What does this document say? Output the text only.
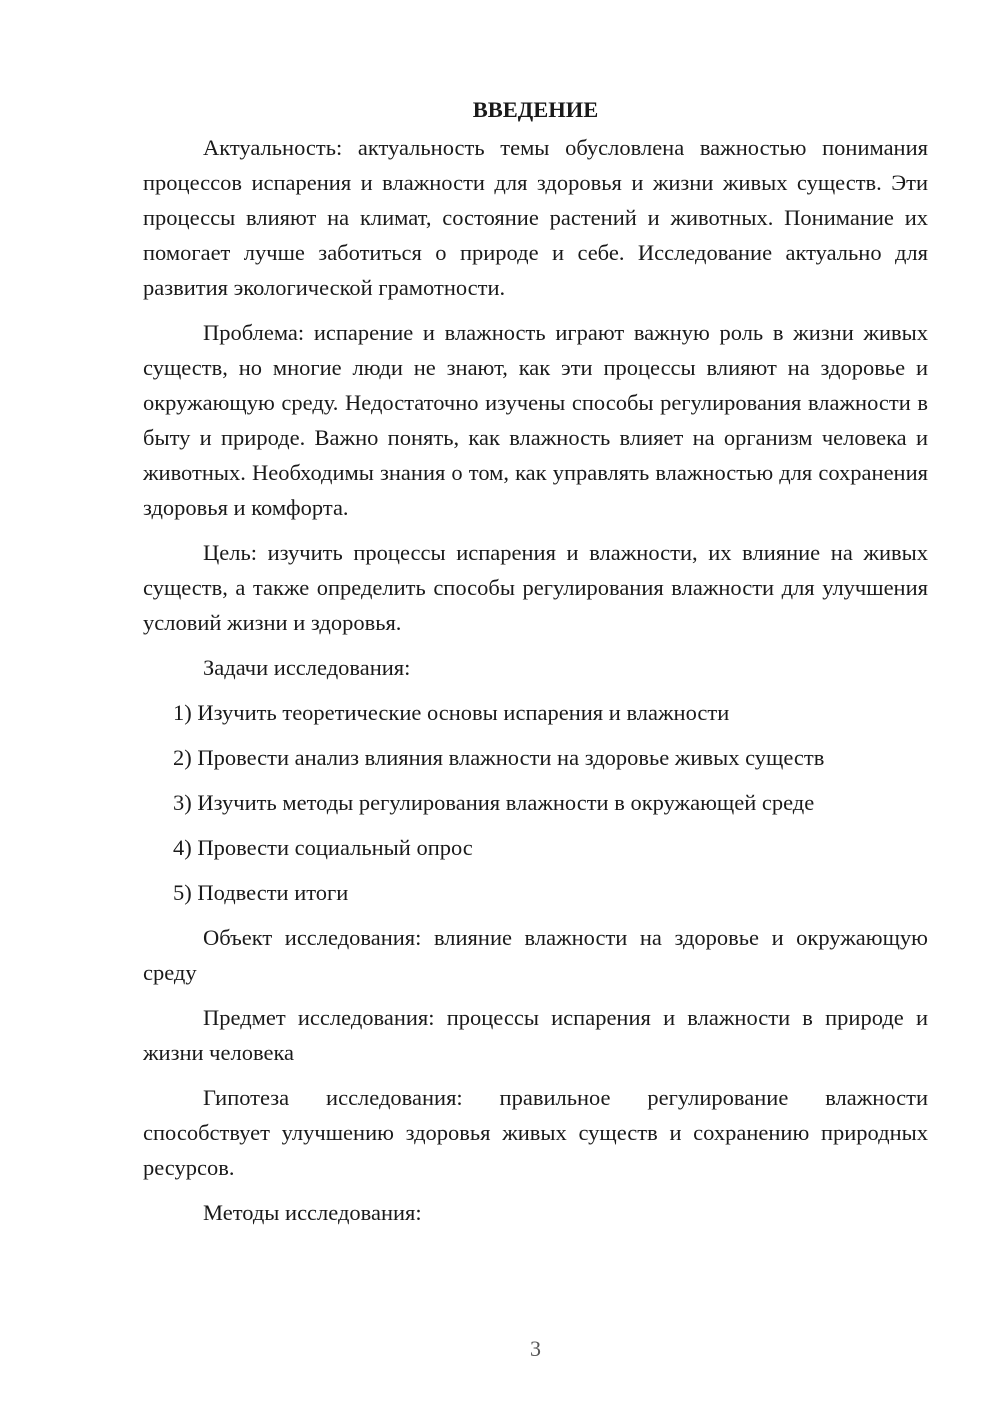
ВВЕДЕНИЕ

Актуальность: актуальность темы обусловлена важностью понимания процессов испарения и влажности для здоровья и жизни живых существ. Эти процессы влияют на климат, состояние растений и животных. Понимание их помогает лучше заботиться о природе и себе. Исследование актуально для развития экологической грамотности.

Проблема: испарение и влажность играют важную роль в жизни живых существ, но многие люди не знают, как эти процессы влияют на здоровье и окружающую среду. Недостаточно изучены способы регулирования влажности в быту и природе. Важно понять, как влажность влияет на организм человека и животных. Необходимы знания о том, как управлять влажностью для сохранения здоровья и комфорта.

Цель: изучить процессы испарения и влажности, их влияние на живых существ, а также определить способы регулирования влажности для улучшения условий жизни и здоровья.

Задачи исследования:

1) Изучить теоретические основы испарения и влажности

2) Провести анализ влияния влажности на здоровье живых существ

3) Изучить методы регулирования влажности в окружающей среде

4) Провести социальный опрос

5) Подвести итоги

Объект исследования: влияние влажности на здоровье и окружающую среду

Предмет исследования: процессы испарения и влажности в природе и жизни человека

Гипотеза исследования: правильное регулирование влажности способствует улучшению здоровья живых существ и сохранению природных ресурсов.

Методы исследования:

3
